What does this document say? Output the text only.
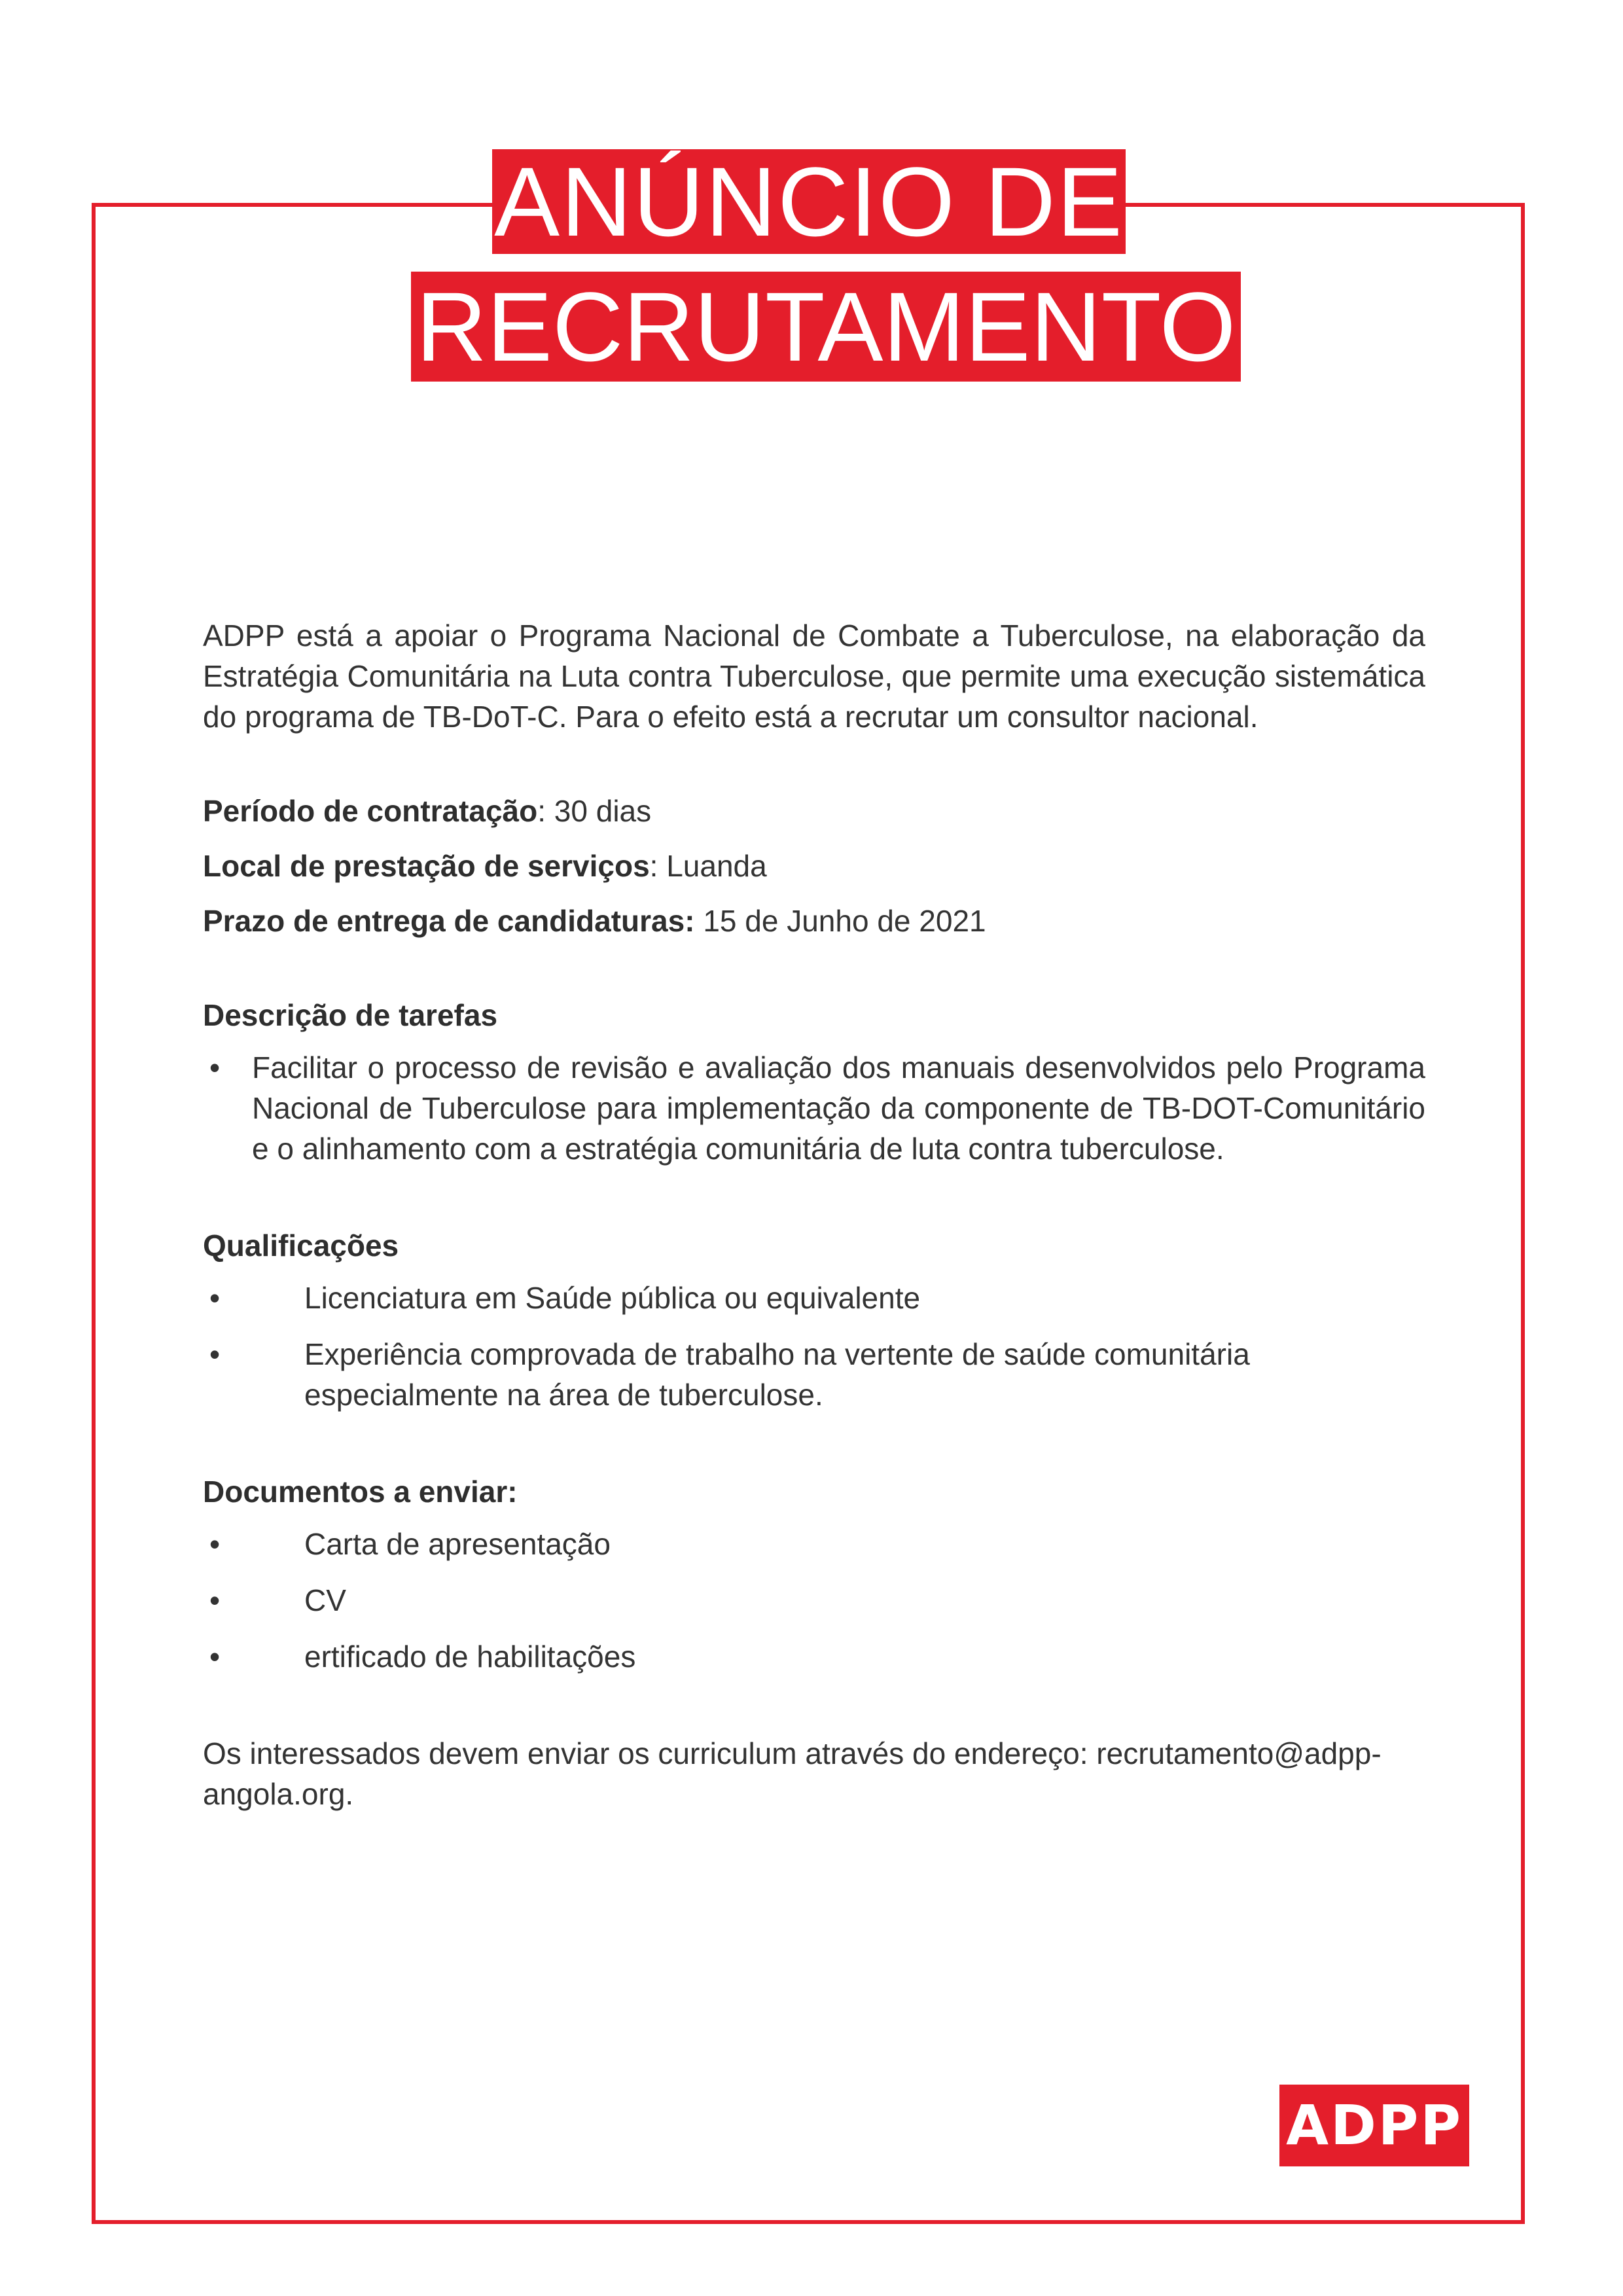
ANÚNCIO DE
RECRUTAMENTO

ADPP está a apoiar o Programa Nacional de Combate a Tuberculose, na elaboração da Estratégia Comunitária na Luta contra Tuberculose, que permite uma execução sistemática do programa de TB-DoT-C. Para o efeito está a recrutar um consultor nacional.

Período de contratação: 30 dias

Local de prestação de serviços: Luanda

Prazo de entrega de candidaturas: 15 de Junho de 2021

Descrição de tarefas

• Facilitar o processo de revisão e avaliação dos manuais desenvolvidos pelo Programa Nacional de Tuberculose para implementação da componente de TB-DOT-Comunitário e o alinhamento com a estratégia comunitária de luta contra tuberculose.

Qualificações

• Licenciatura em Saúde pública ou equivalente
• Experiência comprovada de trabalho na vertente de saúde comunitária especialmente na área de tuberculose.

Documentos a enviar:

• Carta de apresentação
• CV
• ertificado de habilitações

Os interessados devem enviar os curriculum através do endereço: recrutamento@adpp-angola.org.

ADPP
